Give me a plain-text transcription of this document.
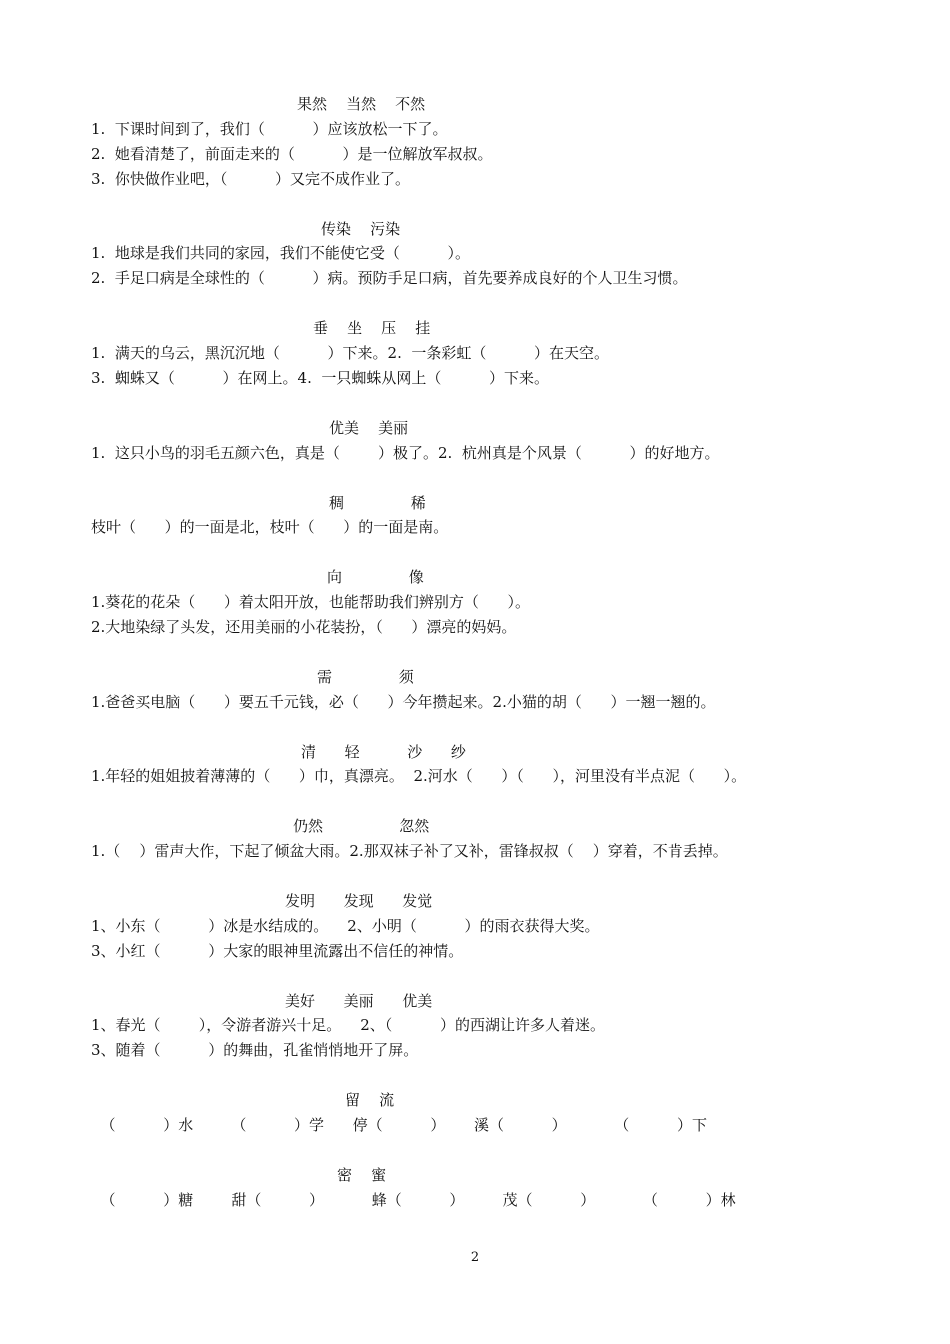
果然    当然    不然
1.  下课时间到了，我们（          ）应该放松一下了。
2.  她看清楚了，前面走来的（          ）是一位解放军叔叔。
3.  你快做作业吧，（          ）又完不成作业了。
传染    污染
1.  地球是我们共同的家园，我们不能使它受（          ）。
2.  手足口病是全球性的（          ）病。预防手足口病，首先要养成良好的个人卫生习惯。
垂    坐    压    挂
1.  满天的乌云，黑沉沉地（          ）下来。2.  一条彩虹（          ）在天空。
3.  蜘蛛又（          ）在网上。4.  一只蜘蛛从网上（          ）下来。
优美    美丽
1.  这只小鸟的羽毛五颜六色，真是（        ）极了。2.  杭州真是个风景（          ）的好地方。
稠              稀
枝叶（      ）的一面是北，枝叶（      ）的一面是南。
向              像
1.葵花的花朵（      ）着太阳开放，也能帮助我们辨别方（      ）。
2.大地染绿了头发，还用美丽的小花装扮，（      ）漂亮的妈妈。
需              须
1.爸爸买电脑（      ）要五千元钱，必（      ）今年攒起来。2.小猫的胡（      ）一翘一翘的。
清      轻          沙      纱
1.年轻的姐姐披着薄薄的（      ）巾，真漂亮。  2.河水（      ）（      ），河里没有半点泥（      ）。
仍然                忽然
1.（    ）雷声大作，下起了倾盆大雨。2.那双袜子补了又补，雷锋叔叔（    ）穿着，不肯丢掉。
发明      发现      发觉
1、小东（          ）冰是水结成的。    2、小明（          ）的雨衣获得大奖。
3、小红（          ）大家的眼神里流露出不信任的神情。
美好      美丽      优美
1、春光（        ），令游者游兴十足。    2、（          ）的西湖让许多人着迷。
3、随着（          ）的舞曲，孔雀悄悄地开了屏。
留    流
（          ）水        （          ）学      停（          ）      溪（          ）          （          ）下
密    蜜
（          ）糖        甜（          ）          蜂（          ）        茂（          ）          （          ）林
2
